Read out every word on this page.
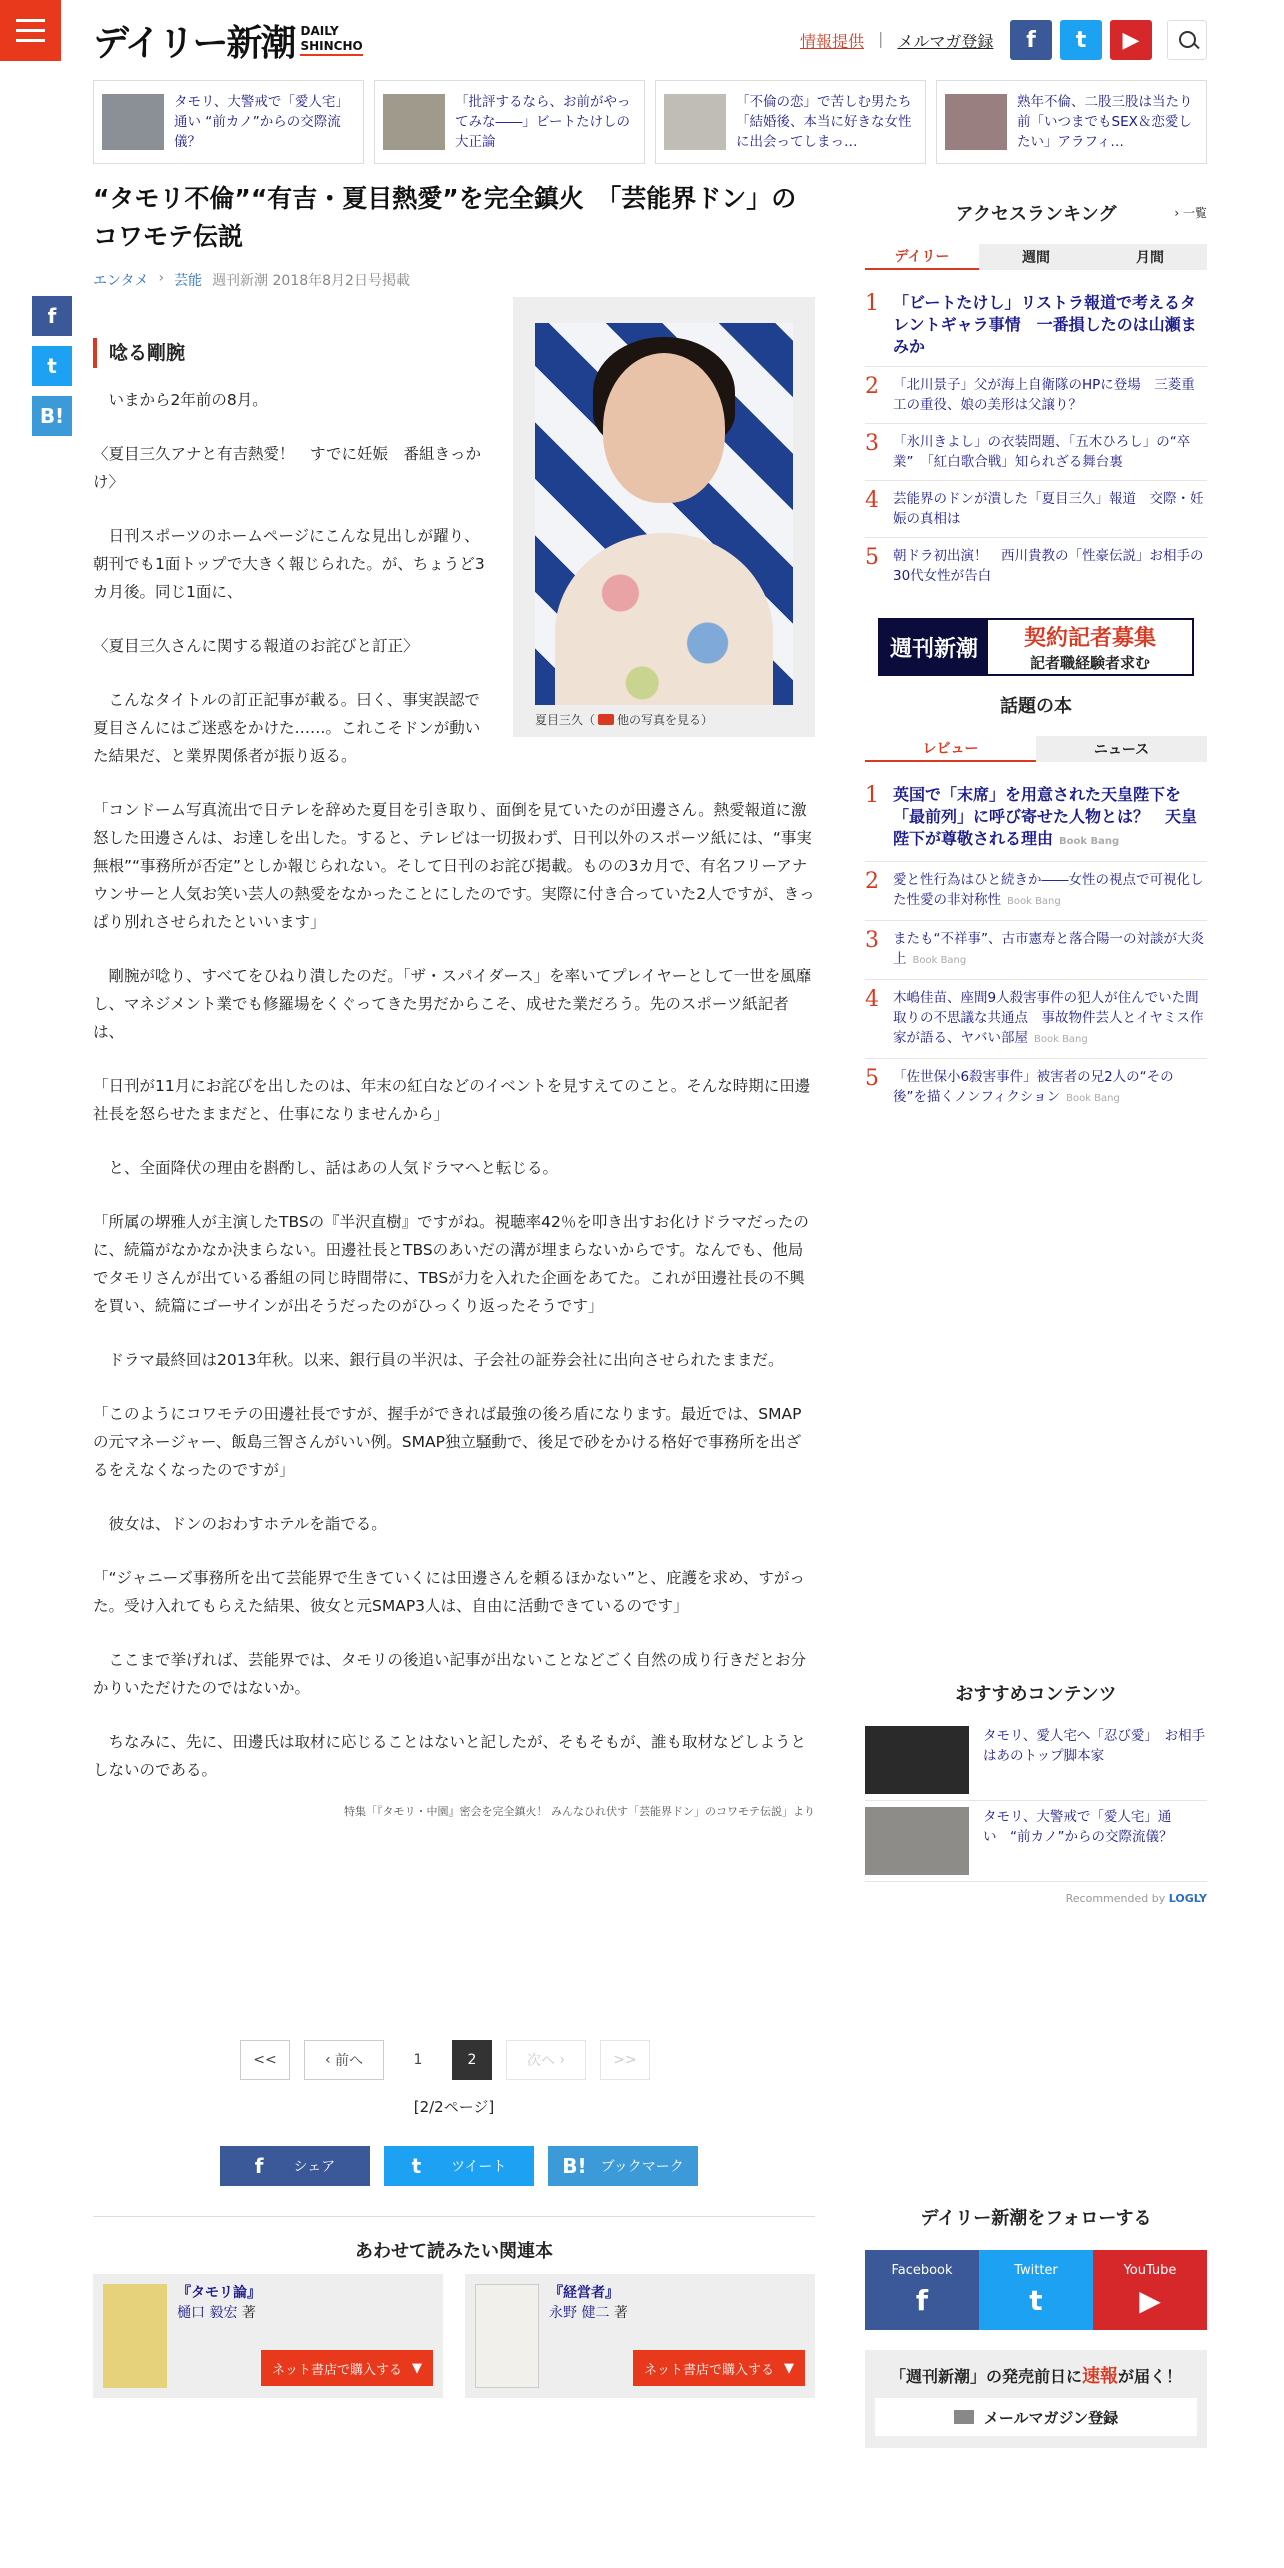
デイリー新潮 DAILY
SHINCHO	情報提供 | メルマガ登録	f	t	▶
タモリ、大警戒で「愛人宅」通い “前カノ”からの交際流儀？
「批評するなら、お前がやってみな――」ビートたけしの大正論
「不倫の恋」で苦しむ男たち「結婚後、本当に好きな女性に出会ってしまっ…
熟年不倫、二股三股は当たり前「いつまでもSEX＆恋愛したい」アラフィ…
f
t
B!
“タモリ不倫”“有吉・夏目熱愛”を完全鎮火　「芸能界ドン」のコワモテ伝説
エンタメ › 芸能 週刊新潮 2018年8月2日号掲載
夏目三久（ 他の写真を見る）
唸る剛腕

　いまから2年前の8月。

〈夏目三久アナと有吉熱愛！　すでに妊娠　番組きっかけ〉

　日刊スポーツのホームページにこんな見出しが躍り、朝刊でも1面トップで大きく報じられた。が、ちょうど3カ月後。同じ1面に、

〈夏目三久さんに関する報道のお詫びと訂正〉

　こんなタイトルの訂正記事が載る。曰く、事実誤認で夏目さんにはご迷惑をかけた……。これこそドンが動いた結果だ、と業界関係者が振り返る。

「コンドーム写真流出で日テレを辞めた夏目を引き取り、面倒を見ていたのが田邊さん。熱愛報道に激怒した田邊さんは、お達しを出した。すると、テレビは一切扱わず、日刊以外のスポーツ紙には、“事実無根”“事務所が否定”としか報じられない。そして日刊のお詫び掲載。ものの3カ月で、有名フリーアナウンサーと人気お笑い芸人の熱愛をなかったことにしたのです。実際に付き合っていた2人ですが、きっぱり別れさせられたといいます」

　剛腕が唸り、すべてをひねり潰したのだ。「ザ・スパイダース」を率いてプレイヤーとして一世を風靡し、マネジメント業でも修羅場をくぐってきた男だからこそ、成せた業だろう。先のスポーツ紙記者は、

「日刊が11月にお詫びを出したのは、年末の紅白などのイベントを見すえてのこと。そんな時期に田邊社長を怒らせたままだと、仕事になりませんから」

　と、全面降伏の理由を斟酌し、話はあの人気ドラマへと転じる。

「所属の堺雅人が主演したTBSの『半沢直樹』ですがね。視聴率42％を叩き出すお化けドラマだったのに、続篇がなかなか決まらない。田邊社長とTBSのあいだの溝が埋まらないからです。なんでも、他局でタモリさんが出ている番組の同じ時間帯に、TBSが力を入れた企画をあてた。これが田邊社長の不興を買い、続篇にゴーサインが出そうだったのがひっくり返ったそうです」

　ドラマ最終回は2013年秋。以来、銀行員の半沢は、子会社の証券会社に出向させられたままだ。

「このようにコワモテの田邊社長ですが、握手ができれば最強の後ろ盾になります。最近では、SMAPの元マネージャー、飯島三智さんがいい例。SMAP独立騒動で、後足で砂をかける格好で事務所を出ざるをえなくなったのですが」

　彼女は、ドンのおわすホテルを詣でる。

「“ジャニーズ事務所を出て芸能界で生きていくには田邊さんを頼るほかない”と、庇護を求め、すがった。受け入れてもらえた結果、彼女と元SMAP3人は、自由に活動できているのです」

　ここまで挙げれば、芸能界では、タモリの後追い記事が出ないことなどごく自然の成り行きだとお分かりいただけたのではないか。

　ちなみに、先に、田邊氏は取材に応じることはないと記したが、そもそもが、誰も取材などしようとしないのである。

特集「『タモリ・中園』密会を完全鎮火！ みんなひれ伏す「芸能界ドン」のコワモテ伝説」より
<<	‹ 前へ	1	2	次へ ›	>>
[2/2ページ]
f シェア	t ツイート	B! ブックマーク
あわせて読みたい関連本
『タモリ論』
樋口 毅宏 著
ネット書店で購入する ▼
『経営者』
永野 健二 著
ネット書店で購入する ▼
アクセスランキング	› 一覧
デイリー	週間	月間
1 「ビートたけし」リストラ報道で考えるタレントギャラ事情　一番損したのは山瀬まみか
2 「北川景子」父が海上自衛隊のHPに登場　三菱重工の重役、娘の美形は父譲り？
3 「氷川きよし」の衣装問題、「五木ひろし」の“卒業”　「紅白歌合戦」知られざる舞台裏
4 芸能界のドンが潰した「夏目三久」報道　交際・妊娠の真相は
5 朝ドラ初出演！　西川貴教の「性豪伝説」お相手の30代女性が告白
週刊新潮	契約記者募集
記者職経験者求む
話題の本
レビュー	ニュース
1 英国で「末席」を用意された天皇陛下を「最前列」に呼び寄せた人物とは？　天皇陛下が尊敬される理由 Book Bang
2 愛と性行為はひと続きか――女性の視点で可視化した性愛の非対称性 Book Bang
3 またも“不祥事”、古市憲寿と落合陽一の対談が大炎上 Book Bang
4 木嶋佳苗、座間9人殺害事件の犯人が住んでいた間取りの不思議な共通点　事故物件芸人とイヤミス作家が語る、ヤバい部屋 Book Bang
5 「佐世保小6殺害事件」被害者の兄2人の“その後”を描くノンフィクション Book Bang
おすすめコンテンツ
タモリ、愛人宅へ「忍び愛」　お相手はあのトップ脚本家
タモリ、大警戒で「愛人宅」通い　“前カノ”からの交際流儀？
Recommended by LOGLY
デイリー新潮をフォローする
Facebook
f
Twitter
t
YouTube
▶
「週刊新潮」の発売前日に速報が届く！
メールマガジン登録
